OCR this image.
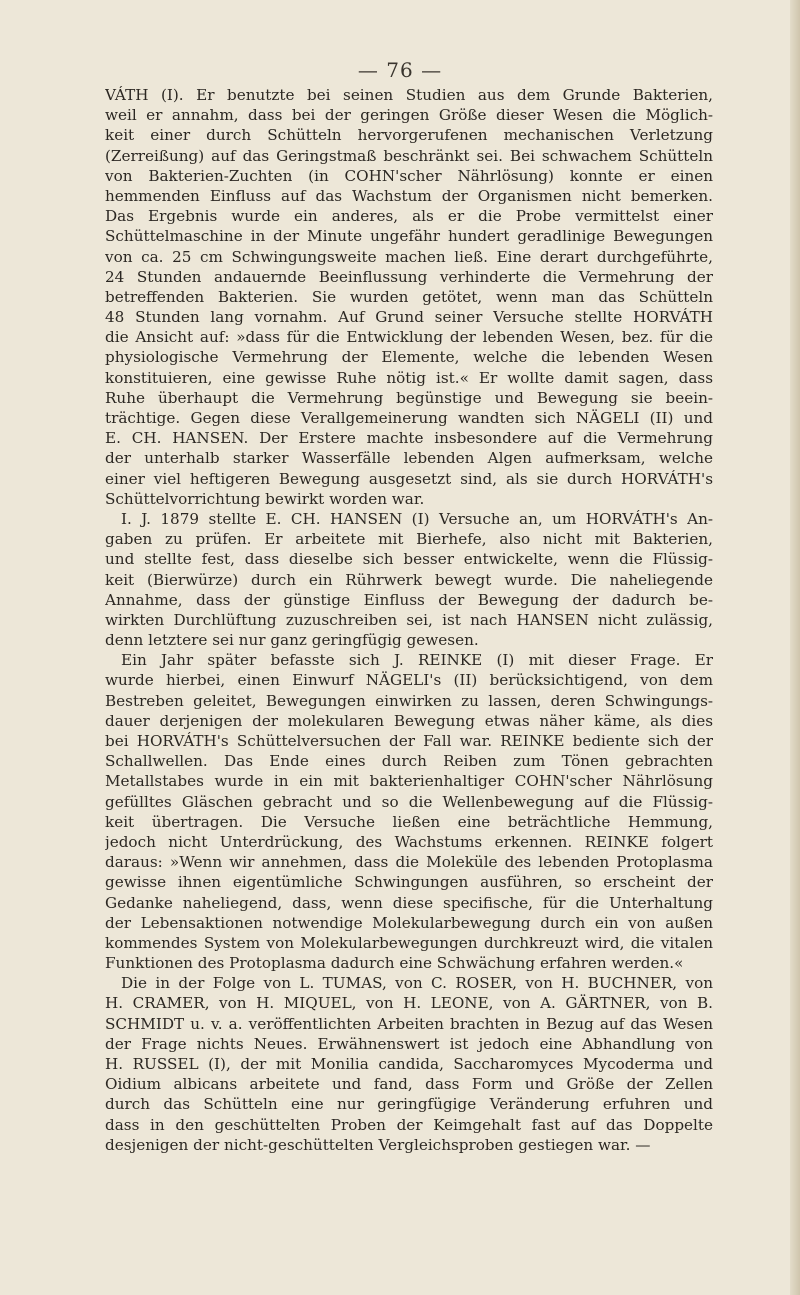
— 76 —
VÁTH (I). Er benutzte bei seinen Studien aus dem Grunde Bakterien,
weil er annahm, dass bei der geringen Größe dieser Wesen die Möglich-
keit einer durch Schütteln hervorgerufenen mechanischen Verletzung
(Zerreißung) auf das Geringstmaß beschränkt sei. Bei schwachem Schütteln
von Bakterien-Zuchten (in COHN'scher Nährlösung) konnte er einen
hemmenden Einfluss auf das Wachstum der Organismen nicht bemerken.
Das Ergebnis wurde ein anderes, als er die Probe vermittelst einer
Schüttelmaschine in der Minute ungefähr hundert geradlinige Bewegungen
von ca. 25 cm Schwingungsweite machen ließ. Eine derart durchgeführte,
24 Stunden andauernde Beeinflussung verhinderte die Vermehrung der
betreffenden Bakterien. Sie wurden getötet, wenn man das Schütteln
48 Stunden lang vornahm. Auf Grund seiner Versuche stellte HORVÁTH
die Ansicht auf: »dass für die Entwicklung der lebenden Wesen, bez. für die
physiologische Vermehrung der Elemente, welche die lebenden Wesen
konstituieren, eine gewisse Ruhe nötig ist.« Er wollte damit sagen, dass
Ruhe überhaupt die Vermehrung begünstige und Bewegung sie beein-
trächtige. Gegen diese Verallgemeinerung wandten sich NÄGELI (II) und
E. CH. HANSEN. Der Erstere machte insbesondere auf die Vermehrung
der unterhalb starker Wasserfälle lebenden Algen aufmerksam, welche
einer viel heftigeren Bewegung ausgesetzt sind, als sie durch HORVÁTH's
Schüttelvorrichtung bewirkt worden war.
I. J. 1879 stellte E. CH. HANSEN (I) Versuche an, um HORVÁTH's An-
gaben zu prüfen. Er arbeitete mit Bierhefe, also nicht mit Bakterien,
und stellte fest, dass dieselbe sich besser entwickelte, wenn die Flüssig-
keit (Bierwürze) durch ein Rührwerk bewegt wurde. Die naheliegende
Annahme, dass der günstige Einfluss der Bewegung der dadurch be-
wirkten Durchlüftung zuzuschreiben sei, ist nach HANSEN nicht zulässig,
denn letztere sei nur ganz geringfügig gewesen.
Ein Jahr später befasste sich J. REINKE (I) mit dieser Frage. Er
wurde hierbei, einen Einwurf NÄGELI's (II) berücksichtigend, von dem
Bestreben geleitet, Bewegungen einwirken zu lassen, deren Schwingungs-
dauer derjenigen der molekularen Bewegung etwas näher käme, als dies
bei HORVÁTH's Schüttelversuchen der Fall war. REINKE bediente sich der
Schallwellen. Das Ende eines durch Reiben zum Tönen gebrachten
Metallstabes wurde in ein mit bakterienhaltiger COHN'scher Nährlösung
gefülltes Gläschen gebracht und so die Wellenbewegung auf die Flüssig-
keit übertragen. Die Versuche ließen eine beträchtliche Hemmung,
jedoch nicht Unterdrückung, des Wachstums erkennen. REINKE folgert
daraus: »Wenn wir annehmen, dass die Moleküle des lebenden Protoplasma
gewisse ihnen eigentümliche Schwingungen ausführen, so erscheint der
Gedanke naheliegend, dass, wenn diese specifische, für die Unterhaltung
der Lebensaktionen notwendige Molekularbewegung durch ein von außen
kommendes System von Molekularbewegungen durchkreuzt wird, die vitalen
Funktionen des Protoplasma dadurch eine Schwächung erfahren werden.«
Die in der Folge von L. TUMAS, von C. ROSER, von H. BUCHNER, von
H. CRAMER, von H. MIQUEL, von H. LEONE, von A. GÄRTNER, von B.
SCHMIDT u. v. a. veröffentlichten Arbeiten brachten in Bezug auf das Wesen
der Frage nichts Neues. Erwähnenswert ist jedoch eine Abhandlung von
H. RUSSEL (I), der mit Monilia candida, Saccharomyces Mycoderma und
Oidium albicans arbeitete und fand, dass Form und Größe der Zellen
durch das Schütteln eine nur geringfügige Veränderung erfuhren und
dass in den geschüttelten Proben der Keimgehalt fast auf das Doppelte
desjenigen der nicht-geschüttelten Vergleichsproben gestiegen war. —
